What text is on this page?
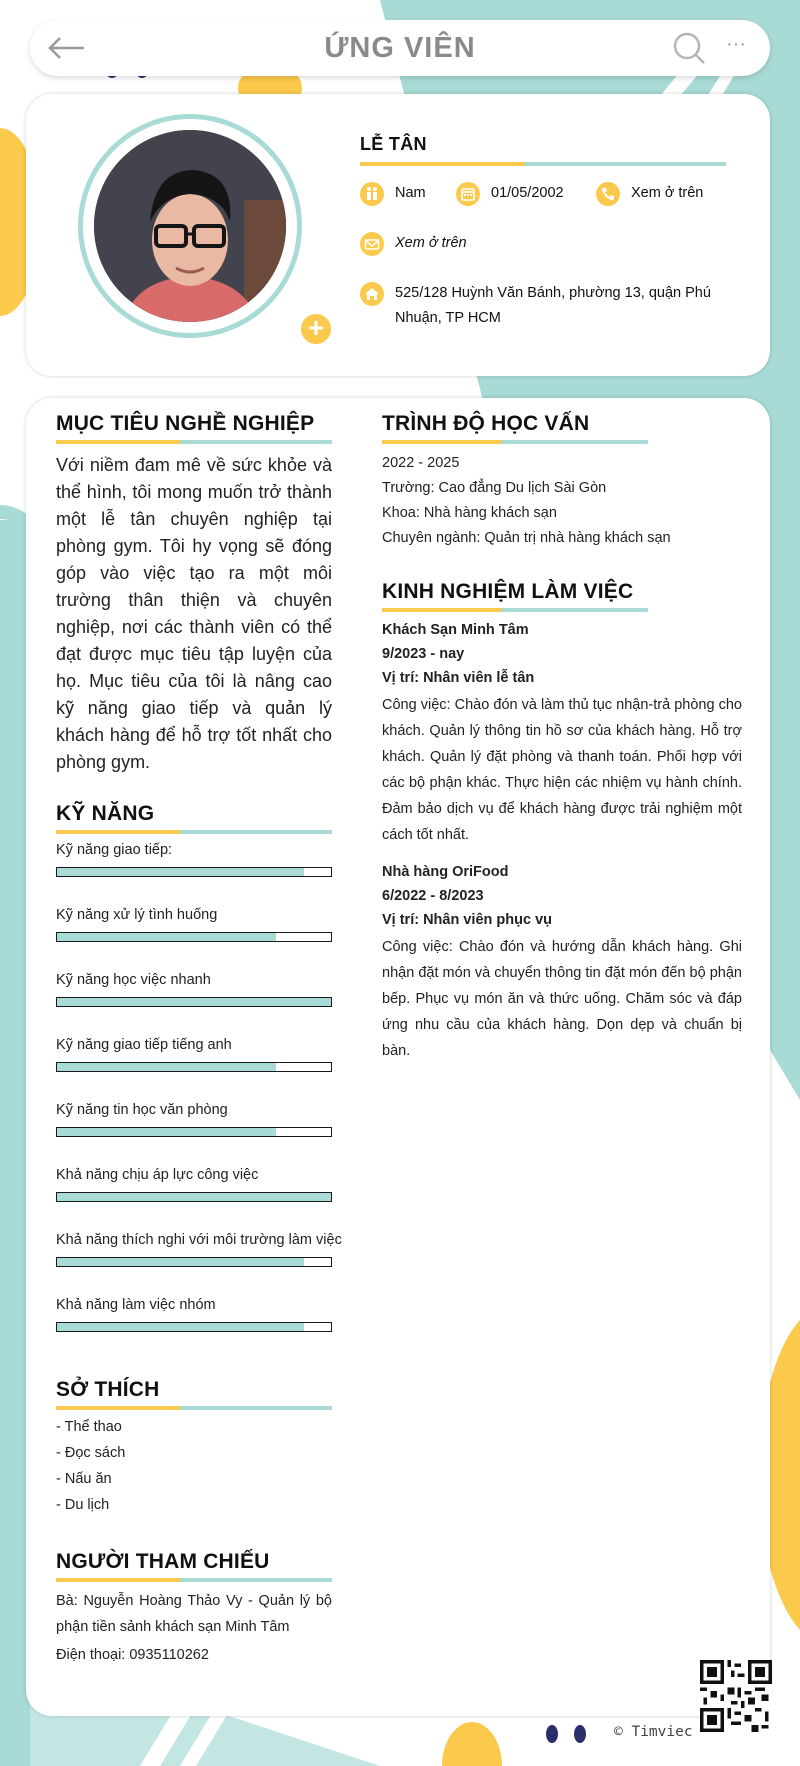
ỨNG VIÊN	···
+
LỄ TÂN
Nam	01/05/2002	Xem ở trên
Xem ở trên
525/128 Huỳnh Văn Bánh, phường 13, quận Phú Nhuận, TP HCM
MỤC TIÊU NGHỀ NGHIỆP
Với niềm đam mê về sức khỏe và thể hình, tôi mong muốn trở thành một lễ tân chuyên nghiệp tại phòng gym. Tôi hy vọng sẽ đóng góp vào việc tạo ra một môi trường thân thiện và chuyên nghiệp, nơi các thành viên có thể đạt được mục tiêu tập luyện của họ. Mục tiêu của tôi là nâng cao kỹ năng giao tiếp và quản lý khách hàng để hỗ trợ tốt nhất cho phòng gym.
KỸ NĂNG
Kỹ năng giao tiếp:
Kỹ năng xử lý tình huống
Kỹ năng học việc nhanh
Kỹ năng giao tiếp tiếng anh
Kỹ năng tin học văn phòng
Khả năng chịu áp lực công việc
Khả năng thích nghi với môi trường làm việc
Khả năng làm việc nhóm
SỞ THÍCH
- Thể thao
- Đọc sách
- Nấu ăn
- Du lịch
NGƯỜI THAM CHIẾU
Bà: Nguyễn Hoàng Thảo Vy - Quản lý bộ phận tiền sảnh khách sạn Minh Tâm
Điện thoại: 0935110262
TRÌNH ĐỘ HỌC VẤN
2022 - 2025
Trường: Cao đẳng Du lịch Sài Gòn
Khoa: Nhà hàng khách sạn
Chuyên ngành: Quản trị nhà hàng khách sạn
KINH NGHIỆM LÀM VIỆC
Khách Sạn Minh Tâm
9/2023 - nay
Vị trí: Nhân viên lễ tân
Công việc: Chào đón và làm thủ tục nhận-trả phòng cho khách. Quản lý thông tin hồ sơ của khách hàng. Hỗ trợ khách. Quản lý đặt phòng và thanh toán. Phối hợp với các bộ phận khác. Thực hiện các nhiệm vụ hành chính. Đảm bảo dịch vụ để khách hàng được trải nghiệm một cách tốt nhất.
Nhà hàng OriFood
6/2022 - 8/2023
Vị trí: Nhân viên phục vụ
Công việc: Chào đón và hướng dẫn khách hàng. Ghi nhận đặt món và chuyển thông tin đặt món đến bộ phận bếp. Phục vụ món ăn và thức uống. Chăm sóc và đáp ứng nhu cầu của khách hàng. Dọn dẹp và chuẩn bị bàn.
© Timviec
